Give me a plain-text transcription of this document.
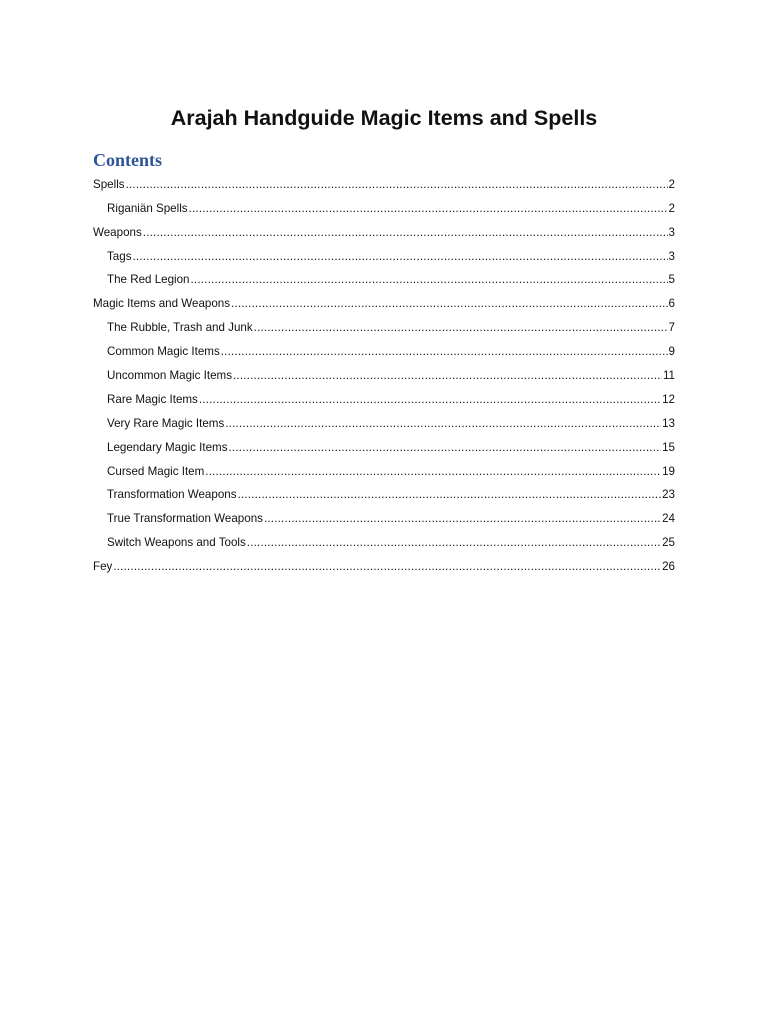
Arajah Handguide Magic Items and Spells
Contents
Spells .....	2
Riganiän Spells .....	2
Weapons .....	3
Tags .....	3
The Red Legion .....	5
Magic Items and Weapons .....	6
The Rubble, Trash and Junk .....	7
Common Magic Items .....	9
Uncommon Magic Items .....	11
Rare Magic Items .....	12
Very Rare Magic Items .....	13
Legendary Magic Items .....	15
Cursed Magic Item .....	19
Transformation Weapons .....	23
True Transformation Weapons .....	24
Switch Weapons and Tools .....	25
Fey .....	26
